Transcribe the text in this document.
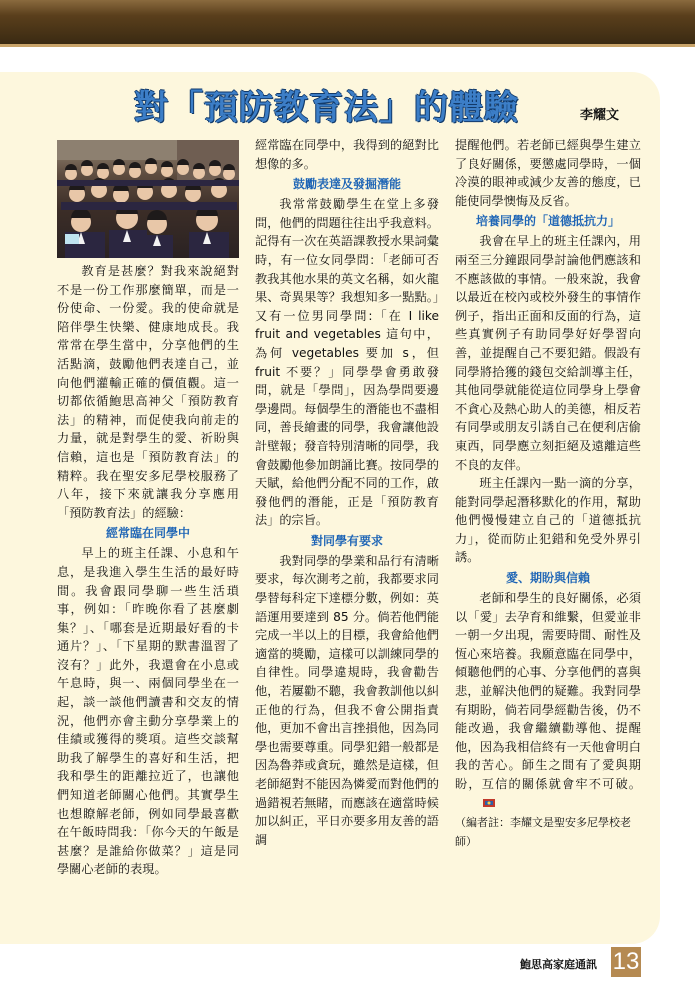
對「預防教育法」的體驗	李耀文

教育是甚麼？對我來說絕對不是一份工作那麼簡單，而是一份使命、一份愛。我的使命就是陪伴學生快樂、健康地成長。我常常在學生當中，分享他們的生活點滴，鼓勵他們表達自己，並向他們灌輸正確的價值觀。這一切都依循鮑思高神父「預防教育法」的精神，而促使我向前走的力量，就是對學生的愛、祈盼與信賴，這也是「預防教育法」的精粹。我在聖安多尼學校服務了八年，接下來就讓我分享應用「預防教育法」的經驗：

經常臨在同學中

早上的班主任課、小息和午息，是我進入學生生活的最好時間。我會跟同學聊一些生活瑣事，例如：「昨晚你看了甚麼劇集？」、「哪套是近期最好看的卡通片？」、「下星期的默書溫習了沒有？」此外，我還會在小息或午息時，與一、兩個同學坐在一起，談一談他們讀書和交友的情況，他們亦會主動分享學業上的佳績或獲得的獎項。這些交談幫助我了解學生的喜好和生活，把我和學生的距離拉近了，也讓他們知道老師關心他們。其實學生也想瞭解老師，例如同學最喜歡在午飯時問我：「你今天的午飯是甚麼？是誰給你做菜？」這是同學關心老師的表現。

經常臨在同學中，我得到的絕對比想像的多。

鼓勵表達及發掘潛能

我常常鼓勵學生在堂上多發問，他們的問題往往出乎我意料。記得有一次在英語課教授水果詞彙時，有一位女同學問：「老師可否教我其他水果的英文名稱，如火龍果、奇異果等？我想知多一點點。」又有一位男同學問:「在 I like fruit and vegetables 這句中，為何 vegetables 要加 s，但 fruit 不要？」同學學會勇敢發問，就是「學問」，因為學問要邊學邊問。每個學生的潛能也不盡相同，善長繪畫的同學，我會讓他設計壁報；發音特別清晰的同學，我會鼓勵他參加朗誦比賽。按同學的天賦，給他們分配不同的工作，啟發他們的潛能，正是「預防教育法」的宗旨。

對同學有要求

我對同學的學業和品行有清晰要求，每次測考之前，我都要求同學替每科定下達標分數，例如：英語運用要達到 85 分。倘若他們能完成一半以上的目標，我會給他們適當的獎勵，這樣可以訓練同學的自律性。同學違規時，我會勸告他，若屢勸不聽，我會教訓他以糾正他的行為，但我不會公開指責他，更加不會出言挫損他，因為同學也需要尊重。同學犯錯一般都是因為魯莽或貪玩，雖然是這樣，但老師絕對不能因為憐愛而對他們的過錯視若無睹，而應該在適當時候加以糾正，平日亦要多用友善的語調

提醒他們。若老師已經與學生建立了良好關係，要懲處同學時，一個冷漠的眼神或減少友善的態度，已能使同學懊悔及反省。

培養同學的「道德抵抗力」

我會在早上的班主任課內，用兩至三分鐘跟同學討論他們應該和不應該做的事情。一般來說，我會以最近在校內或校外發生的事情作例子，指出正面和反面的行為，這些真實例子有助同學好好學習向善，並提醒自己不要犯錯。假設有同學將拾獲的錢包交給訓導主任，其他同學就能從這位同學身上學會不貪心及熱心助人的美德，相反若有同學或朋友引誘自己在便利店偷東西，同學應立刻拒絕及遠離這些不良的友伴。

班主任課內一點一滴的分享，能對同學起潛移默化的作用，幫助他們慢慢建立自己的「道德抵抗力」，從而防止犯錯和免受外界引誘。

愛、期盼與信賴

老師和學生的良好關係，必須以「愛」去孕育和維繫，但愛並非一朝一夕出現，需要時間、耐性及恆心來培養。我願意臨在同學中，傾聽他們的心事、分享他們的喜與悲，並解決他們的疑難。我對同學有期盼，倘若同學經勸告後，仍不能改過，我會繼續勸導他、提醒他，因為我相信終有一天他會明白我的苦心。師生之間有了愛與期盼，互信的關係就會牢不可破。

（編者註：李耀文是聖安多尼學校老師）

鮑思高家庭通訊 13
